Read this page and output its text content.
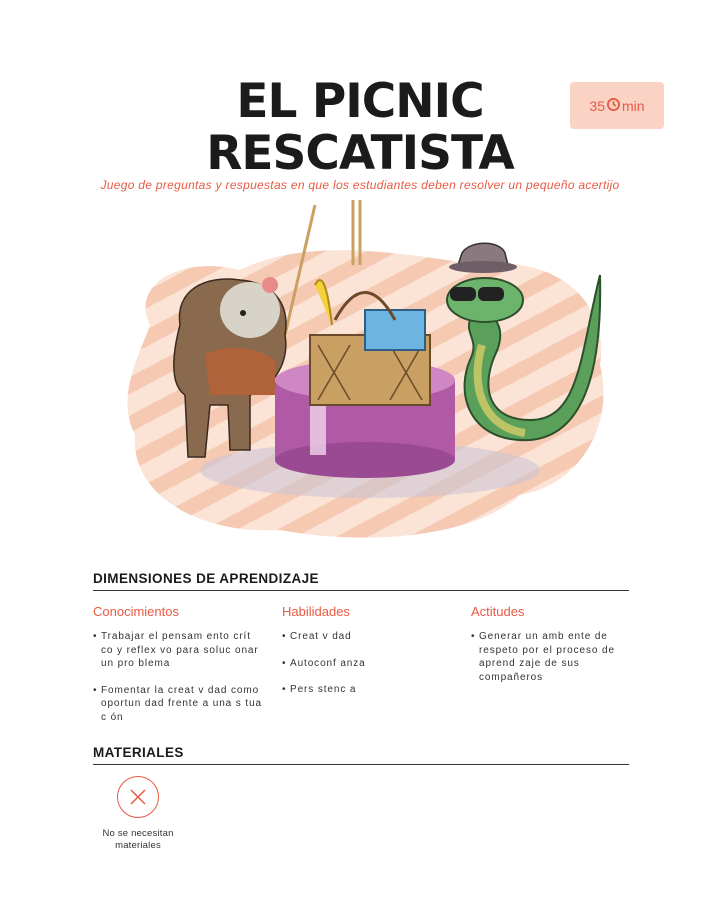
EL PICNIC
RESCATISTA
35 min
Juego de preguntas y respuestas en que los estudiantes deben resolver un pequeño acertijo
DIMENSIONES DE APRENDIZAJE
Conocimientos
• Trabajar el pensam ento crít co y reflex vo para soluc onar un pro blema
• Fomentar la creat v dad como oportun dad frente a una s tua c ón
Habilidades
• Creat v dad
• Autoconf anza
• Pers stenc a
Actitudes
• Generar un amb ente de respeto por el proceso de aprend zaje de sus compañeros
MATERIALES
No se necesitan
materiales
